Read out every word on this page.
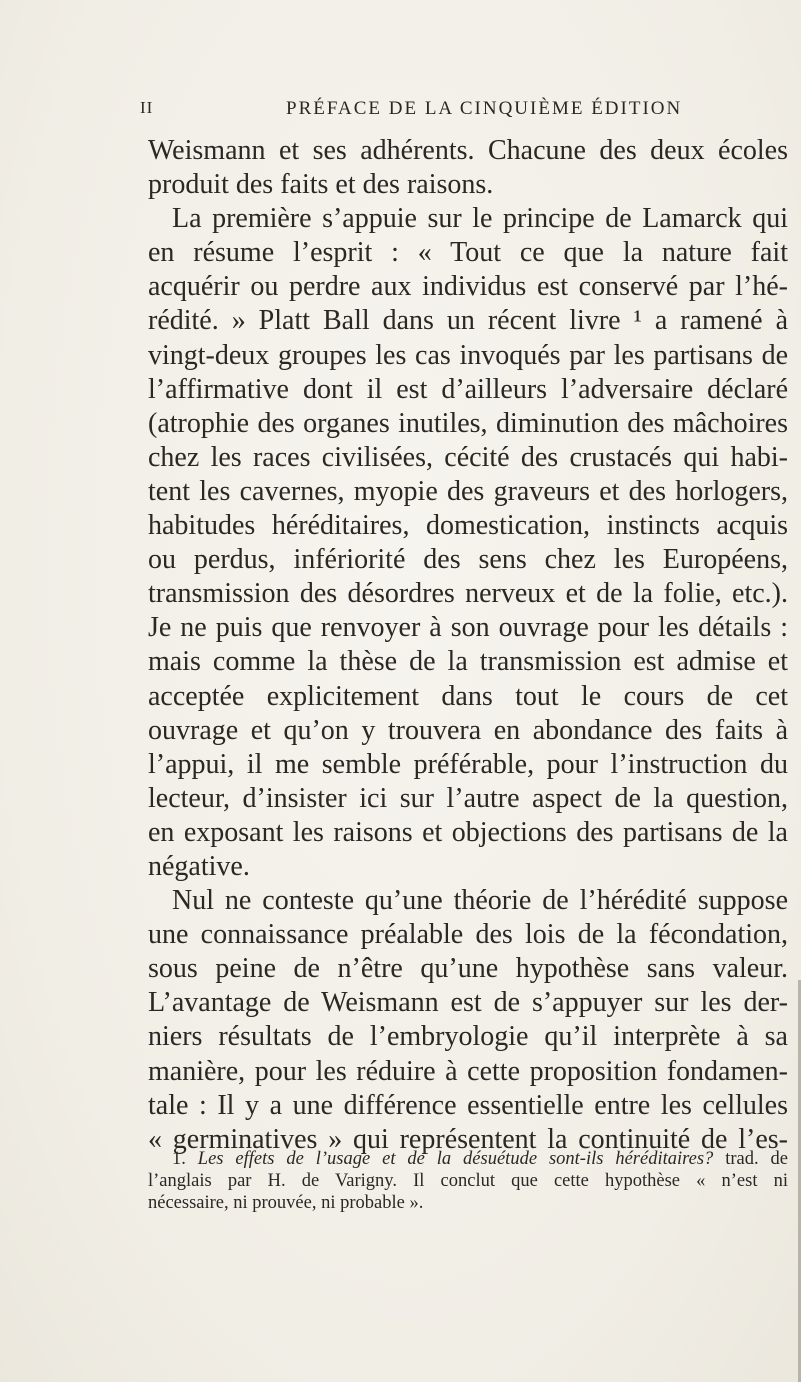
II	PRÉFACE DE LA CINQUIÈME ÉDITION

Weismann et ses adhérents. Chacune des deux écoles
produit des faits et des raisons.

La première s’appuie sur le principe de Lamarck qui
en résume l’esprit : « Tout ce que la nature fait
acquérir ou perdre aux individus est conservé par l’hé-
rédité. » Platt Ball dans un récent livre ¹ a ramené à
vingt-deux groupes les cas invoqués par les partisans de
l’affirmative dont il est d’ailleurs l’adversaire déclaré
(atrophie des organes inutiles, diminution des mâchoires
chez les races civilisées, cécité des crustacés qui habi-
tent les cavernes, myopie des graveurs et des horlogers,
habitudes héréditaires, domestication, instincts acquis
ou perdus, infériorité des sens chez les Européens,
transmission des désordres nerveux et de la folie, etc.).
Je ne puis que renvoyer à son ouvrage pour les détails :
mais comme la thèse de la transmission est admise et
acceptée explicitement dans tout le cours de cet
ouvrage et qu’on y trouvera en abondance des faits à
l’appui, il me semble préférable, pour l’instruction du
lecteur, d’insister ici sur l’autre aspect de la question,
en exposant les raisons et objections des partisans de la
négative.

Nul ne conteste qu’une théorie de l’hérédité suppose
une connaissance préalable des lois de la fécondation,
sous peine de n’être qu’une hypothèse sans valeur.
L’avantage de Weismann est de s’appuyer sur les der-
niers résultats de l’embryologie qu’il interprète à sa
manière, pour les réduire à cette proposition fondamen-
tale : Il y a une différence essentielle entre les cellules
« germinatives » qui représentent la continuité de l’es-

1. Les effets de l’usage et de la désuétude sont-ils héréditaires? trad. de
l’anglais par H. de Varigny. Il conclut que cette hypothèse « n’est ni
nécessaire, ni prouvée, ni probable ».
